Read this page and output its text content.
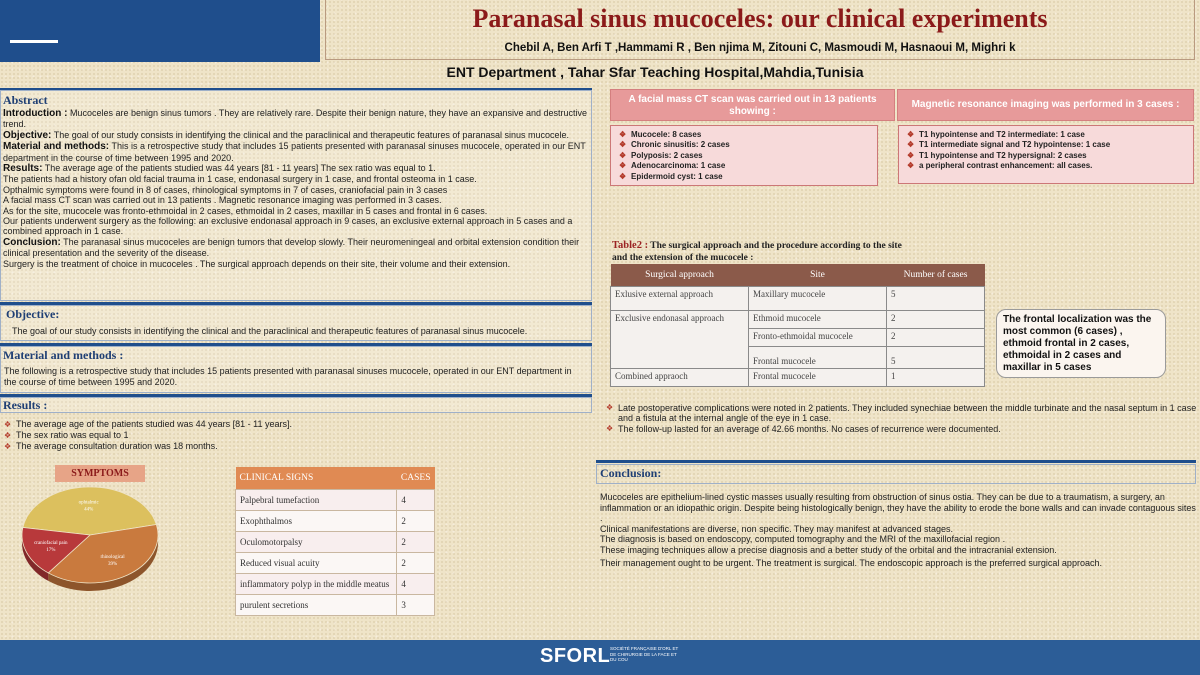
Paranasal sinus mucoceles: our clinical experiments
Chebil A, Ben Arfi T ,Hammami R , Ben njima M, Zitouni C, Masmoudi M, Hasnaoui M, Mighri k
ENT Department , Tahar Sfar Teaching Hospital,Mahdia,Tunisia
Abstract

Introduction : Mucoceles are benign sinus tumors . They are relatively rare. Despite their benign nature, they have an expansive and destructive trend.

Objective: The goal of our study consists in identifying the clinical and the paraclinical and therapeutic features of paranasal sinus mucocele.

Material and methods: This is a retrospective study that includes 15 patients presented with paranasal sinuses mucocele, operated in our ENT department in the course of time between 1995 and 2020.

Results: The average age of the patients studied was 44 years [81 - 11 years] The sex ratio was equal to 1.

The patients had a history ofan old facial trauma in 1 case, endonasal surgery in 1 case, and frontal osteoma in 1 case.

Opthalmic symptoms were found in 8 of cases, rhinological symptoms in 7 of cases, craniofacial pain in 3 cases

A facial mass CT scan was carried out in 13 patients . Magnetic resonance imaging was performed in 3 cases.

As for the site, mucocele was fronto-ethmoidal in 2 cases, ethmoidal in 2 cases, maxillar in 5 cases and frontal in 6 cases.

Our patients underwent surgery as the following: an exclusive endonasal approach in 9 cases, an exclusive external approach in 5 cases and a combined approach in 1 case.

Conclusion: The paranasal sinus mucoceles are benign tumors that develop slowly. Their neuromeningeal and orbital extension condition their clinical presentation and the severity of the disease.

Surgery is the treatment of choice in mucoceles . The surgical approach depends on their site, their volume and their extension.

Objective:
The goal of our study consists in identifying the clinical and the paraclinical and therapeutic features of paranasal sinus mucocele.
Material and methods :
The following is a retrospective study that includes 15 patients presented with paranasal sinuses mucocele, operated in our ENT department in the course of time between 1995 and 2020.
Results :
❖ The average age of the patients studied was 44 years [81 - 11 years].
❖ The sex ratio was equal to 1
❖ The average consultation duration was 18 months.
SYMPTOMS
ophtalmic
44%
rhinological
39%
craniofacial pain
17%
CLINICAL SIGNS	CASES
Palpebral tumefaction	4
Exophthalmos	2
Oculomotorpalsy	2
Reduced visual acuity	2
inflammatory polyp in the middle meatus	4
purulent secretions	3
A facial mass CT scan was carried out in 13 patients showing :
❖ Mucocele: 8 cases
❖ Chronic sinusitis: 2 cases
❖ Polyposis: 2 cases
❖ Adenocarcinoma: 1 case
❖ Epidermoid cyst: 1 case
Magnetic resonance imaging was performed in 3 cases :
❖ T1 hypointense and T2 intermediate: 1 case
❖ T1 intermediate signal and T2 hypointense: 1 case
❖ T1 hypointense and T2 hypersignal: 2 cases
❖ a peripheral contrast enhancement: all cases.
Table2 : The surgical approach and the procedure according to the site
and the extension of the mucocele :
Surgical approach	Site	Number of cases
Exlusive external approach	Maxillary mucocele	5
Exclusive endonasal approach	Ethmoid mucocele	2
	Fronto-ethmoidal mucocele	2
	Frontal mucocele	5
Combined appraoch	Frontal mucocele	1
The frontal localization was the most common (6 cases) , ethmoid frontal in 2 cases, ethmoidal in 2 cases and maxillar in 5 cases
❖ Late postoperative complications were noted in 2 patients. They included synechiae between the middle turbinate and the nasal septum in 1 case and a fistula at the internal angle of the eye in 1 case.
❖ The follow-up lasted for an average of 42.66 months. No cases of recurrence were documented.
Conclusion:

Mucoceles are epithelium-lined cystic masses usually resulting from obstruction of sinus ostia. They can be due to a traumatism, a surgery, an inflammation or an idiopathic origin. Despite being histologically benign, they have the ability to erode the bone walls and can invade contaguous sites .

Clinical manifestations are diverse, non specific. They may manifest at advanced stages.

The diagnosis is based on endoscopy, computed tomography and the MRI of the maxillofacial region .

These imaging techniques allow a precise diagnosis and a better study of the orbital and the intracranial extension.

Their management ought to be urgent. The treatment is surgical. The endoscopic approach is the preferred surgical approach.

SFORL SOCIÉTÉ FRANÇAISE D'ORL ET DE CHIRURGIE DE LA FACE ET DU COU
